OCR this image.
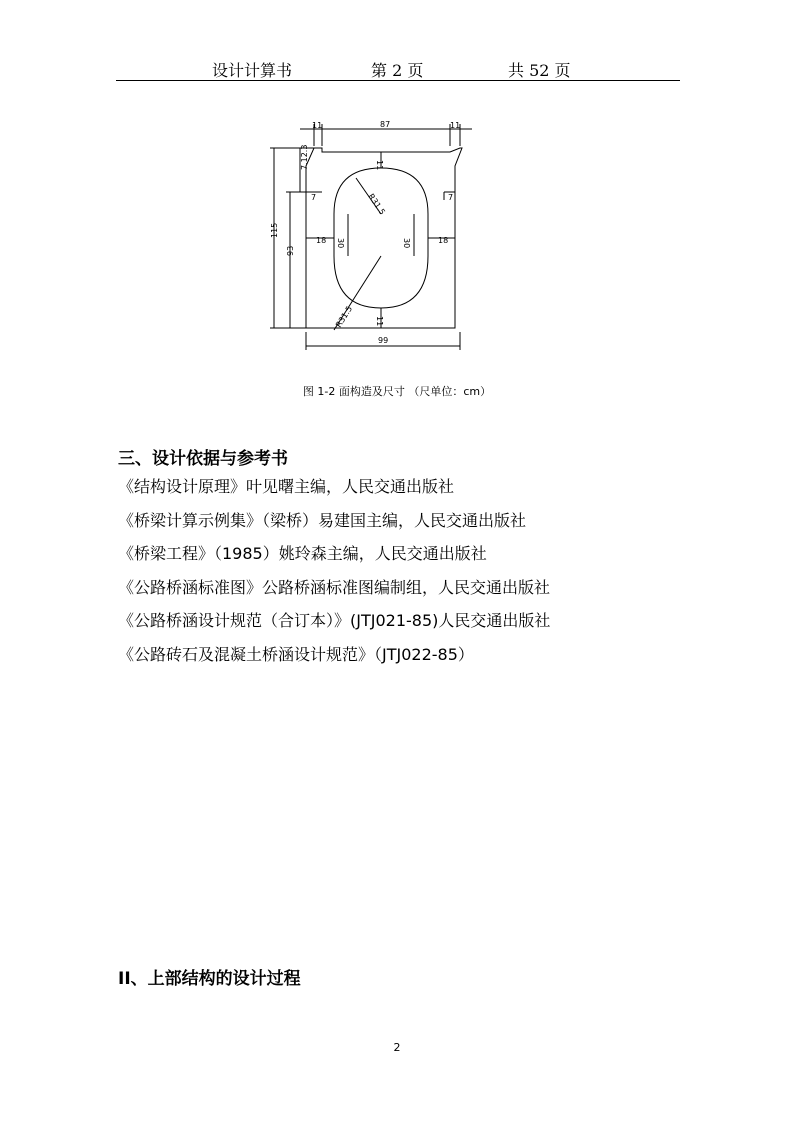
设计计算书	第 2 页	共 52 页
11	87	11
11
11
R31.5
R31.5
7	7
18	18
30	30
115
93
7.12.3
99
图 1-2 面构造及尺寸 （尺单位：cm）
三、设计依据与参考书
《结构设计原理》叶见曙主编，人民交通出版社
《桥梁计算示例集》（梁桥）易建国主编，人民交通出版社
《桥梁工程》（1985）姚玲森主编，人民交通出版社
《公路桥涵标准图》公路桥涵标准图编制组，人民交通出版社
《公路桥涵设计规范（合订本）》(JTJ021-85)人民交通出版社
《公路砖石及混凝土桥涵设计规范》（JTJ022-85）
II、上部结构的设计过程
2
